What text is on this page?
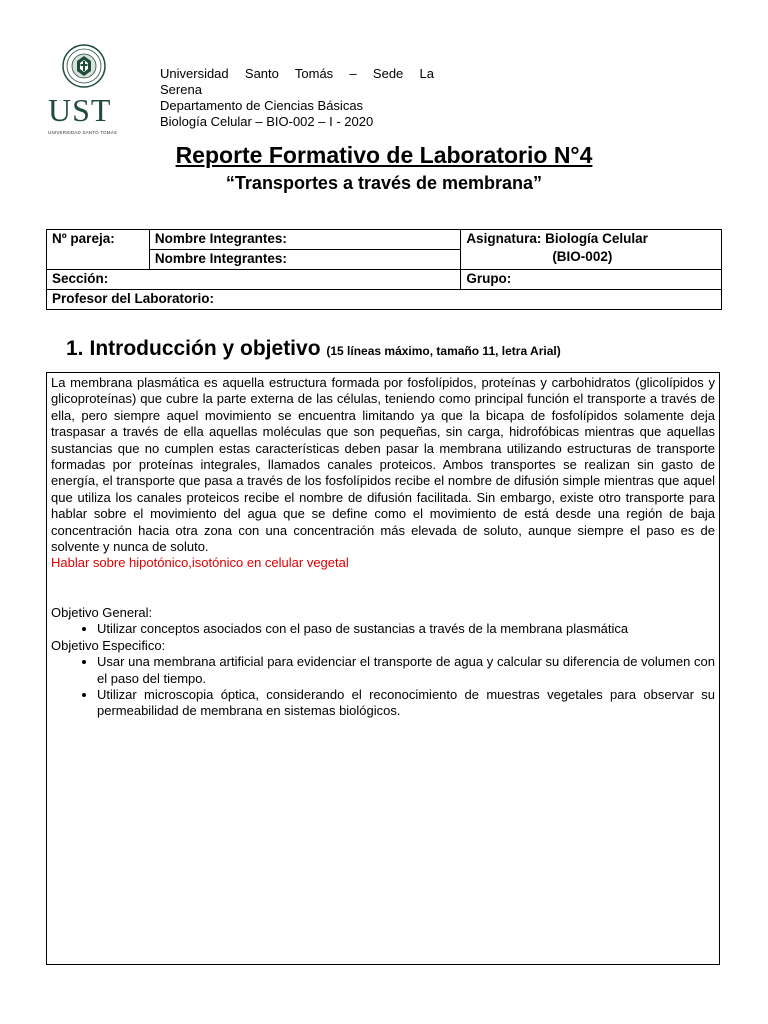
UST
UNIVERSIDAD SANTO TOMÁS
Universidad Santo Tomás – Sede La
Serena
Departamento de Ciencias Básicas
Biología Celular – BIO-002 – I - 2020
Reporte Formativo de Laboratorio N°4
“Transportes a través de membrana”
Nº pareja:	Nombre Integrantes:	Asignatura: Biología Celular
(BIO-002)

	Nombre Integrantes:	
Sección:		Grupo:
Profesor del Laboratorio:		
1. Introducción y objetivo (15 líneas máximo, tamaño 11, letra Arial)

La membrana plasmática es aquella estructura formada por fosfolípidos, proteínas y carbohidratos (glicolípidos y glicoproteínas) que cubre la parte externa de las células, teniendo como principal función el transporte a través de ella, pero siempre aquel movimiento se encuentra limitando ya que la bicapa de fosfolípidos solamente deja traspasar a través de ella aquellas moléculas que son pequeñas, sin carga, hidrofóbicas mientras que aquellas sustancias que no cumplen estas características deben pasar la membrana utilizando estructuras de transporte formadas por proteínas integrales, llamados canales proteicos. Ambos transportes se realizan sin gasto de energía, el transporte que pasa a través de los fosfolípidos recibe el nombre de difusión simple mientras que aquel que utiliza los canales proteicos recibe el nombre de difusión facilitada. Sin embargo, existe otro transporte para hablar sobre el movimiento del agua que se define como el movimiento de está desde una región de baja concentración hacia otra zona con una concentración más elevada de soluto, aunque siempre el paso es de solvente y nunca de soluto.

Hablar sobre hipotónico,isotónico en celular vegetal

Objetivo General:

• Utilizar conceptos asociados con el paso de sustancias a través de la membrana plasmática

Objetivo Especifico:

• Usar una membrana artificial para evidenciar el transporte de agua y calcular su diferencia de volumen con el paso del tiempo.
• Utilizar microscopia óptica, considerando el reconocimiento de muestras vegetales para observar su permeabilidad de membrana en sistemas biológicos.
